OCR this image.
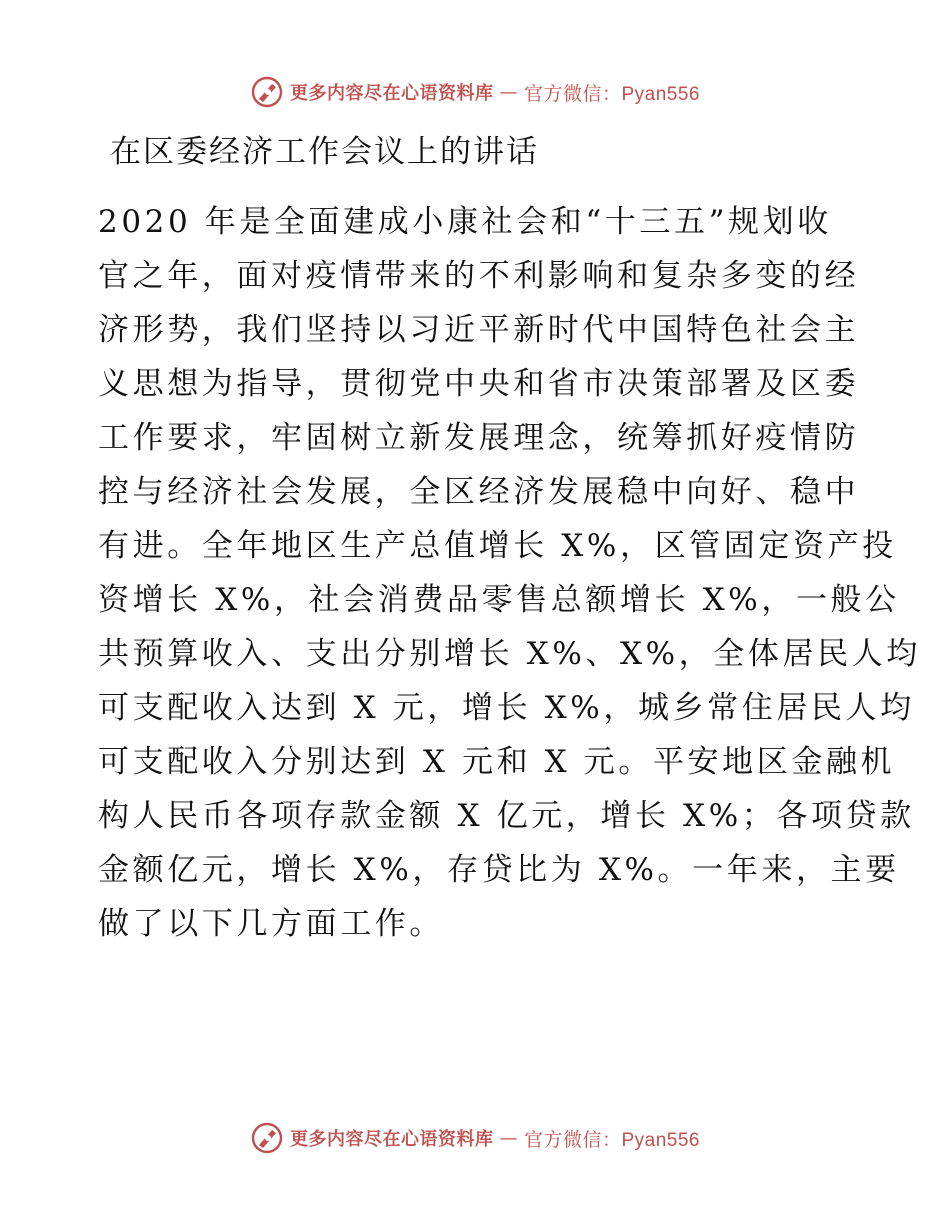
更多内容尽在心语资料库 — 官方微信：Pyan556
在区委经济工作会议上的讲话
2020 年是全面建成小康社会和“十三五”规划收
官之年，面对疫情带来的不利影响和复杂多变的经
济形势，我们坚持以习近平新时代中国特色社会主
义思想为指导，贯彻党中央和省市决策部署及区委
工作要求，牢固树立新发展理念，统筹抓好疫情防
控与经济社会发展，全区经济发展稳中向好、稳中
有进。全年地区生产总值增长 X%，区管固定资产投
资增长 X%，社会消费品零售总额增长 X%，一般公
共预算收入、支出分别增长 X%、X%，全体居民人均
可支配收入达到 X 元，增长 X%，城乡常住居民人均
可支配收入分别达到 X 元和 X 元。平安地区金融机
构人民币各项存款金额 X 亿元，增长 X%；各项贷款
金额亿元，增长 X%，存贷比为 X%。一年来，主要
做了以下几方面工作。
更多内容尽在心语资料库 — 官方微信：Pyan556
